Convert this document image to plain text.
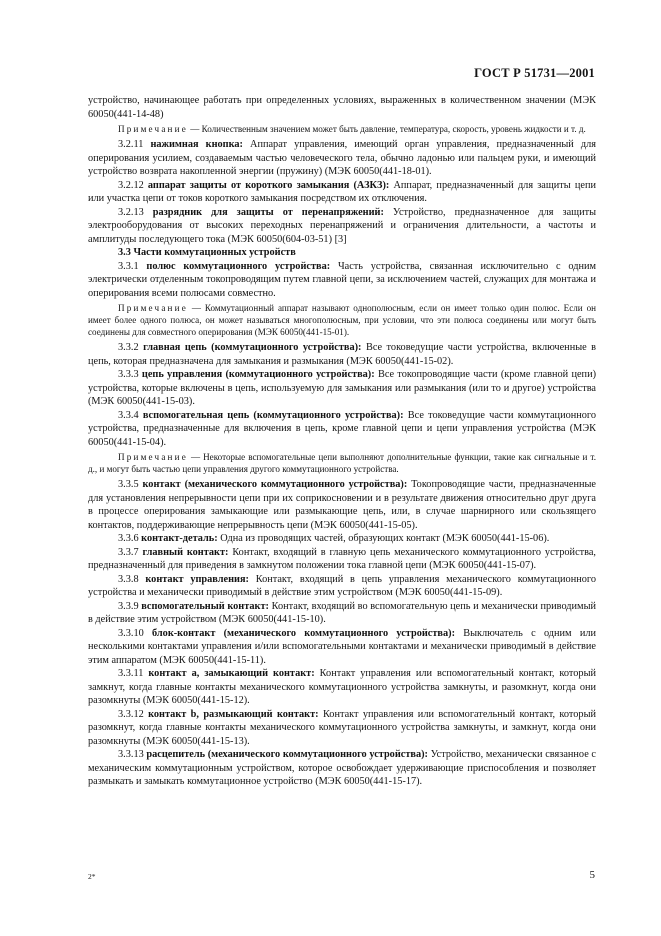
ГОСТ Р 51731—2001

устройство, начинающее работать при определенных условиях, выраженных в количественном значении (МЭК 60050(441-14-48)

Примечание — Количественным значением может быть давление, температура, скорость, уровень жидкости и т. д.

3.2.11 нажимная кнопка: Аппарат управления, имеющий орган управления, предназначенный для оперирования усилием, создаваемым частью человеческого тела, обычно ладонью или пальцем руки, и имеющий устройство возврата накопленной энергии (пружину) (МЭК 60050(441-18-01).

3.2.12 аппарат защиты от короткого замыкания (АЗКЗ): Аппарат, предназначенный для защиты цепи или участка цепи от токов короткого замыкания посредством их отключения.

3.2.13 разрядник для защиты от перенапряжений: Устройство, предназначенное для защиты электрооборудования от высоких переходных перенапряжений и ограничения длительности, а частоты и амплитуды последующего тока (МЭК 60050(604-03-51) [3]

3.3 Части коммутационных устройств

3.3.1 полюс коммутационного устройства: Часть устройства, связанная исключительно с одним электрически отделенным токопроводящим путем главной цепи, за исключением частей, служащих для монтажа и оперирования всеми полюсами совместно.

Примечание — Коммутационный аппарат называют однополюсным, если он имеет только один полюс. Если он имеет более одного полюса, он может называться многополюсным, при условии, что эти полюса соединены или могут быть соединены для совместного оперирования (МЭК 60050(441-15-01).

3.3.2 главная цепь (коммутационного устройства): Все токоведущие части устройства, включенные в цепь, которая предназначена для замыкания и размыкания (МЭК 60050(441-15-02).

3.3.3 цепь управления (коммутационного устройства): Все токопроводящие части (кроме главной цепи) устройства, которые включены в цепь, используемую для замыкания или размыкания (или то и другое) устройства (МЭК 60050(441-15-03).

3.3.4 вспомогательная цепь (коммутационного устройства): Все токоведущие части коммутационного устройства, предназначенные для включения в цепь, кроме главной цепи и цепи управления устройства (МЭК 60050(441-15-04).

Примечание — Некоторые вспомогательные цепи выполняют дополнительные функции, такие как сигнальные и т. д., и могут быть частью цепи управления другого коммутационного устройства.

3.3.5 контакт (механического коммутационного устройства): Токопроводящие части, предназначенные для установления непрерывности цепи при их соприкосновении и в результате движения относительно друг друга в процессе оперирования замыкающие или размыкающие цепь, или, в случае шарнирного или скользящего контактов, поддерживающие непрерывность цепи (МЭК 60050(441-15-05).

3.3.6 контакт-деталь: Одна из проводящих частей, образующих контакт (МЭК 60050(441-15-06).

3.3.7 главный контакт: Контакт, входящий в главную цепь механического коммутационного устройства, предназначенный для приведения в замкнутом положении тока главной цепи (МЭК 60050(441-15-07).

3.3.8 контакт управления: Контакт, входящий в цепь управления механического коммутационного устройства и механически приводимый в действие этим устройством (МЭК 60050(441-15-09).

3.3.9 вспомогательный контакт: Контакт, входящий во вспомогательную цепь и механически приводимый в действие этим устройством (МЭК 60050(441-15-10).

3.3.10 блок-контакт (механического коммутационного устройства): Выключатель с одним или несколькими контактами управления и/или вспомогательными контактами и механически приводимый в действие этим аппаратом (МЭК 60050(441-15-11).

3.3.11 контакт a, замыкающий контакт: Контакт управления или вспомогательный контакт, который замкнут, когда главные контакты механического коммутационного устройства замкнуты, и разомкнут, когда они разомкнуты (МЭК 60050(441-15-12).

3.3.12 контакт b, размыкающий контакт: Контакт управления или вспомогательный контакт, который разомкнут, когда главные контакты механического коммутационного устройства замкнуты, и замкнут, когда они разомкнуты (МЭК 60050(441-15-13).

3.3.13 расцепитель (механического коммутационного устройства): Устройство, механически связанное с механическим коммутационным устройством, которое освобождает удерживающие приспособления и позволяет размыкать и замыкать коммутационное устройство (МЭК 60050(441-15-17).

2*	5
